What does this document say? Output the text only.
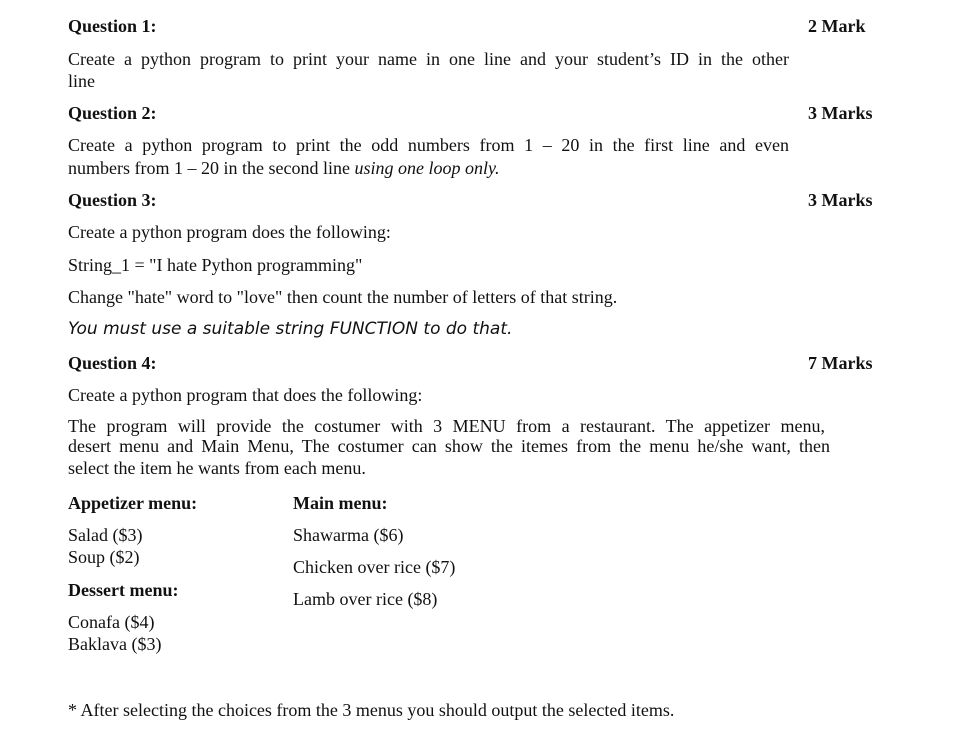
Question 1:	2 Mark
Create a python program to print your name in one line and your student’s ID in the other
line
Question 2:	3 Marks
Create a python program to print the odd numbers from 1 – 20 in the first line and even
numbers from 1 – 20 in the second line using one loop only.
Question 3:	3 Marks
Create a python program does the following:
String_1 = "I hate Python programming"
Change "hate" word to "love" then count the number of letters of that string.
You must use a suitable string FUNCTION to do that.
Question 4:	7 Marks
Create a python program that does the following:
The program will provide the costumer with 3 MENU from a restaurant. The appetizer menu,
desert menu and Main Menu, The costumer can show the itemes from the menu he/she want, then
select the item he wants from each menu.
Appetizer menu:
Salad ($3)
Soup ($2)
Dessert menu:
Conafa ($4)
Baklava ($3)
Main menu:
Shawarma ($6)
Chicken over rice ($7)
Lamb over rice ($8)
* After selecting the choices from the 3 menus you should output the selected items.
